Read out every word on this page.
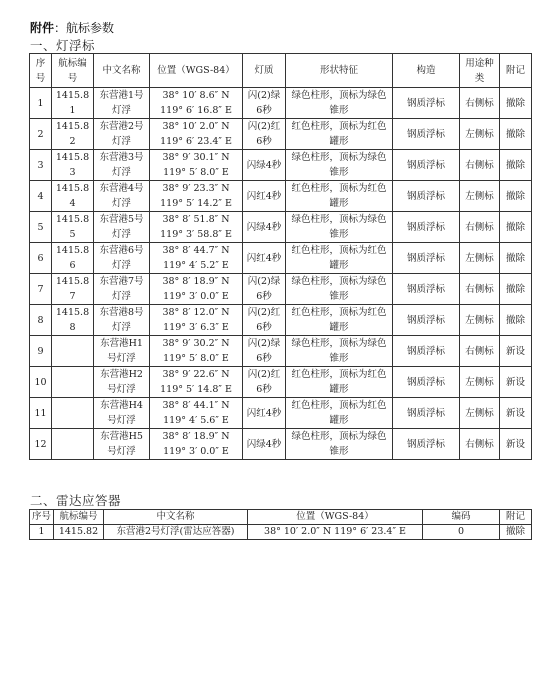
附件：航标参数
一、灯浮标
序号	航标编号	中文名称	位置（WGS-84）	灯质	形状特征	构造	用途种类	附记
1	1415.81	东营港1号灯浮	38° 10′ 8.6″ N
119° 6′ 16.8″ E	闪(2)绿6秒	绿色柱形，顶标为绿色锥形	钢质浮标	右侧标	撤除
2	1415.82	东营港2号灯浮	38° 10′ 2.0″ N
119° 6′ 23.4″ E	闪(2)红6秒	红色柱形，顶标为红色罐形	钢质浮标	左侧标	撤除
3	1415.83	东营港3号灯浮	38° 9′ 30.1″ N
119° 5′ 8.0″ E	闪绿4秒	绿色柱形，顶标为绿色锥形	钢质浮标	右侧标	撤除
4	1415.84	东营港4号灯浮	38° 9′ 23.3″ N
119° 5′ 14.2″ E	闪红4秒	红色柱形，顶标为红色罐形	钢质浮标	左侧标	撤除
5	1415.85	东营港5号灯浮	38° 8′ 51.8″ N
119° 3′ 58.8″ E	闪绿4秒	绿色柱形，顶标为绿色锥形	钢质浮标	右侧标	撤除
6	1415.86	东营港6号灯浮	38° 8′ 44.7″ N
119° 4′ 5.2″ E	闪红4秒	红色柱形，顶标为红色罐形	钢质浮标	左侧标	撤除
7	1415.87	东营港7号灯浮	38° 8′ 18.9″ N
119° 3′ 0.0″ E	闪(2)绿6秒	绿色柱形，顶标为绿色锥形	钢质浮标	右侧标	撤除
8	1415.88	东营港8号灯浮	38° 8′ 12.0″ N
119° 3′ 6.3″ E	闪(2)红6秒	红色柱形，顶标为红色罐形	钢质浮标	左侧标	撤除
9		东营港H1号灯浮	38° 9′ 30.2″ N
119° 5′ 8.0″ E	闪(2)绿6秒	绿色柱形，顶标为绿色锥形	钢质浮标	右侧标	新设
10		东营港H2号灯浮	38° 9′ 22.6″ N
119° 5′ 14.8″ E	闪(2)红6秒	红色柱形，顶标为红色罐形	钢质浮标	左侧标	新设
11		东营港H4号灯浮	38° 8′ 44.1″ N
119° 4′ 5.6″ E	闪红4秒	红色柱形，顶标为红色罐形	钢质浮标	左侧标	新设
12		东营港H5号灯浮	38° 8′ 18.9″ N
119° 3′ 0.0″ E	闪绿4秒	绿色柱形，顶标为绿色锥形	钢质浮标	右侧标	新设
二、雷达应答器
序号	航标编号	中文名称	位置（WGS-84）	编码	附记
1	1415.82	东营港2号灯浮(雷达应答器)	38° 10′ 2.0″ N 119° 6′ 23.4″ E	0	撤除
